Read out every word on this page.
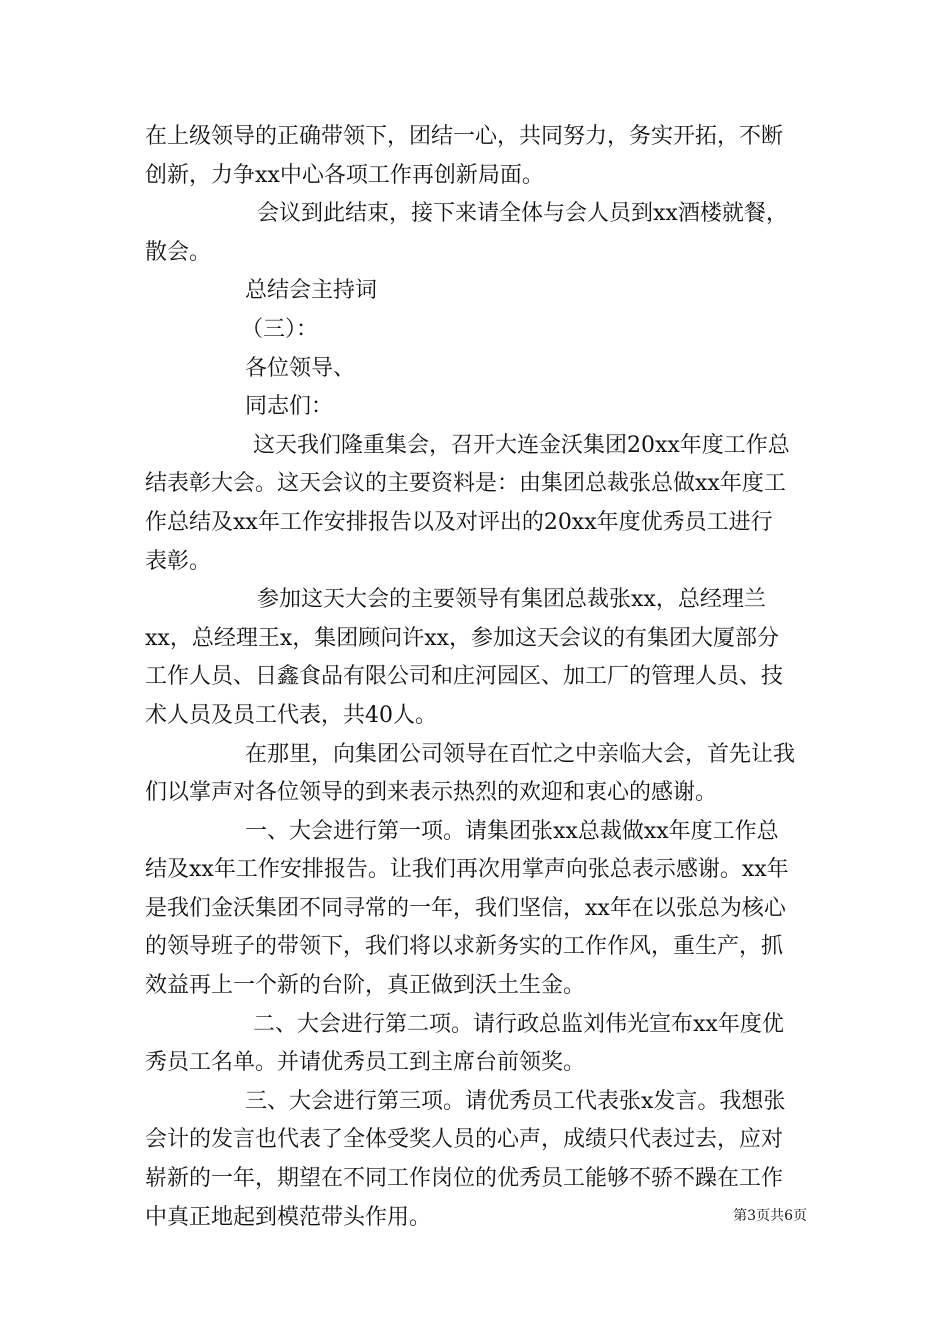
在上级领导的正确带领下，团结一心，共同努力，务实开拓，不断
创新，力争xx中心各项工作再创新局面。
会议到此结束，接下来请全体与会人员到xx酒楼就餐，
散会。
总结会主持词
（三）：
各位领导、
同志们：
这天我们隆重集会，召开大连金沃集团20xx年度工作总
结表彰大会。这天会议的主要资料是：由集团总裁张总做xx年度工
作总结及xx年工作安排报告以及对评出的20xx年度优秀员工进行
表彰。
参加这天大会的主要领导有集团总裁张xx，总经理兰
xx，总经理王x，集团顾问许xx，参加这天会议的有集团大厦部分
工作人员、日鑫食品有限公司和庄河园区、加工厂的管理人员、技
术人员及员工代表，共40人。
在那里，向集团公司领导在百忙之中亲临大会，首先让我
们以掌声对各位领导的到来表示热烈的欢迎和衷心的感谢。
一、大会进行第一项。请集团张xx总裁做xx年度工作总
结及xx年工作安排报告。让我们再次用掌声向张总表示感谢。xx年
是我们金沃集团不同寻常的一年，我们坚信，xx年在以张总为核心
的领导班子的带领下，我们将以求新务实的工作作风，重生产，抓
效益再上一个新的台阶，真正做到沃土生金。
二、大会进行第二项。请行政总监刘伟光宣布xx年度优
秀员工名单。并请优秀员工到主席台前领奖。
三、大会进行第三项。请优秀员工代表张x发言。我想张
会计的发言也代表了全体受奖人员的心声，成绩只代表过去，应对
崭新的一年，期望在不同工作岗位的优秀员工能够不骄不躁在工作
中真正地起到模范带头作用。	第3页共6页
